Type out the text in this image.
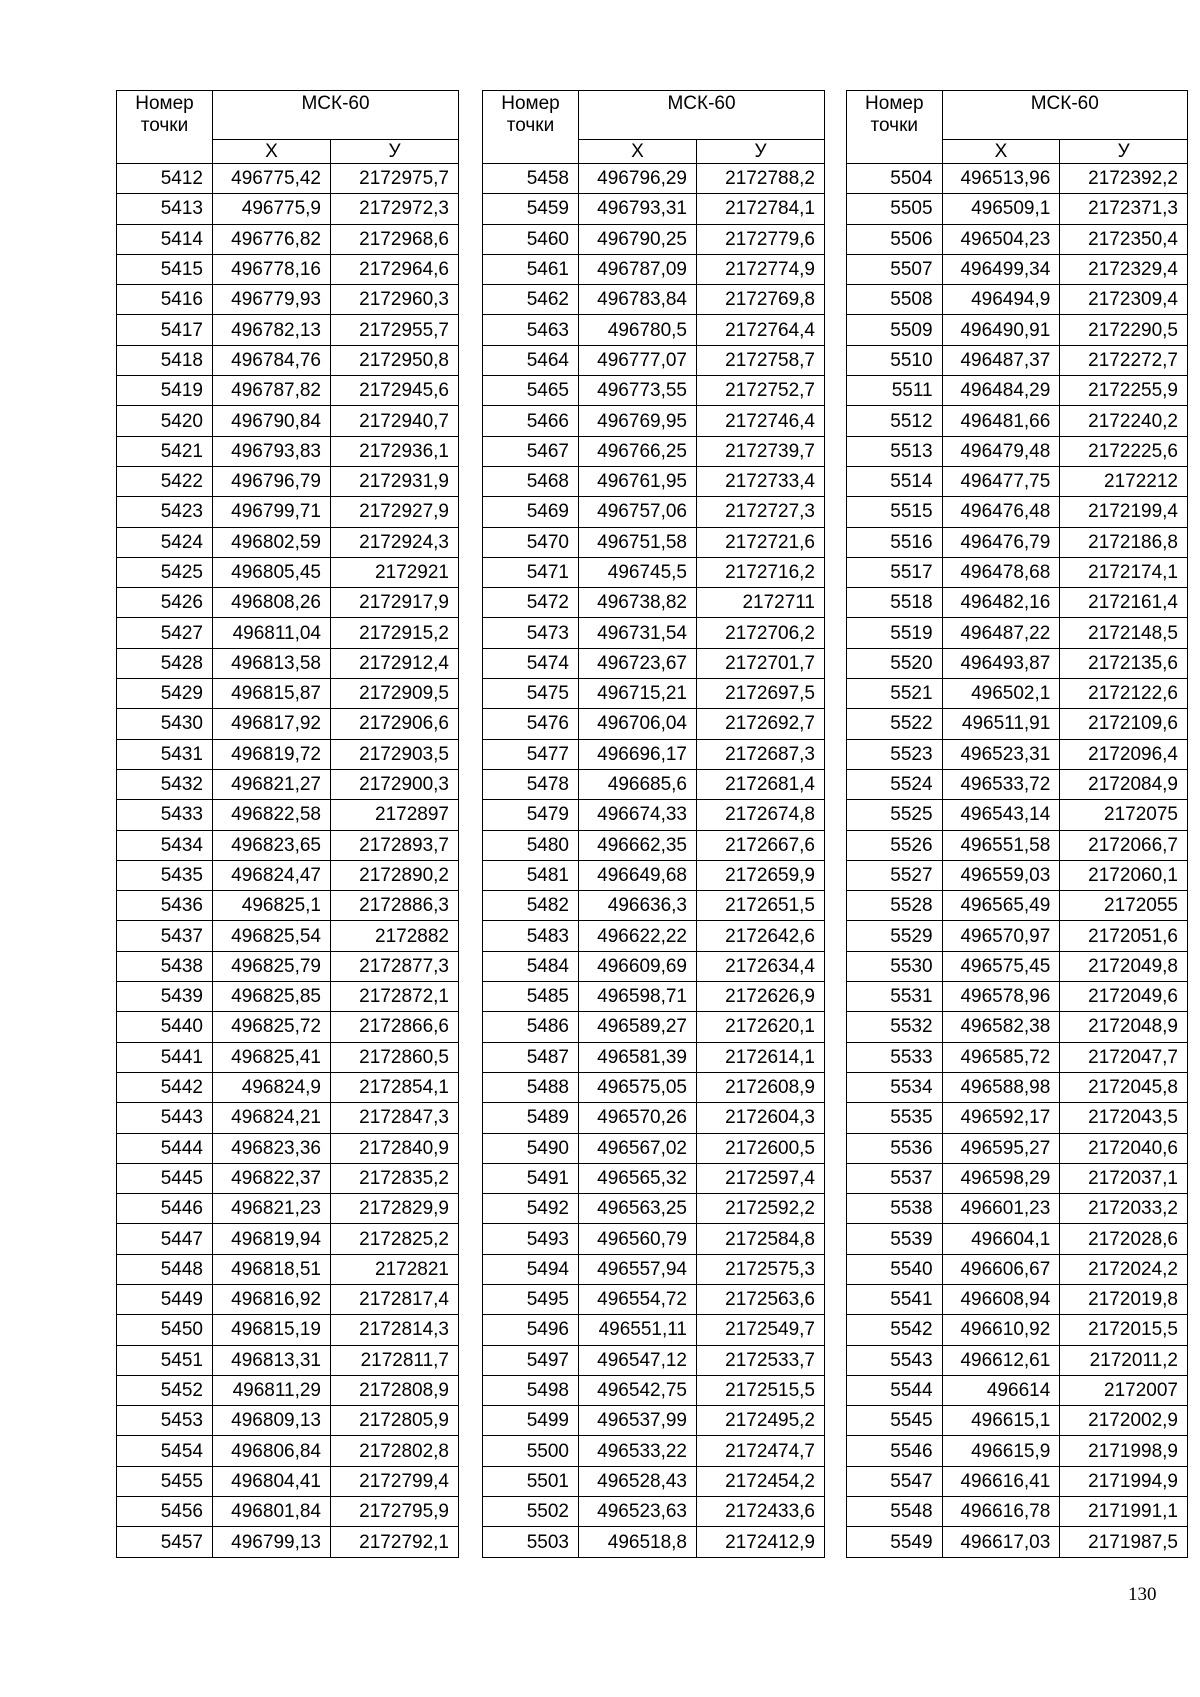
Номер
точки	МСК-60	
	X	У
5412	496775,42	2172975,7
5413	496775,9	2172972,3
5414	496776,82	2172968,6
5415	496778,16	2172964,6
5416	496779,93	2172960,3
5417	496782,13	2172955,7
5418	496784,76	2172950,8
5419	496787,82	2172945,6
5420	496790,84	2172940,7
5421	496793,83	2172936,1
5422	496796,79	2172931,9
5423	496799,71	2172927,9
5424	496802,59	2172924,3
5425	496805,45	2172921
5426	496808,26	2172917,9
5427	496811,04	2172915,2
5428	496813,58	2172912,4
5429	496815,87	2172909,5
5430	496817,92	2172906,6
5431	496819,72	2172903,5
5432	496821,27	2172900,3
5433	496822,58	2172897
5434	496823,65	2172893,7
5435	496824,47	2172890,2
5436	496825,1	2172886,3
5437	496825,54	2172882
5438	496825,79	2172877,3
5439	496825,85	2172872,1
5440	496825,72	2172866,6
5441	496825,41	2172860,5
5442	496824,9	2172854,1
5443	496824,21	2172847,3
5444	496823,36	2172840,9
5445	496822,37	2172835,2
5446	496821,23	2172829,9
5447	496819,94	2172825,2
5448	496818,51	2172821
5449	496816,92	2172817,4
5450	496815,19	2172814,3
5451	496813,31	2172811,7
5452	496811,29	2172808,9
5453	496809,13	2172805,9
5454	496806,84	2172802,8
5455	496804,41	2172799,4
5456	496801,84	2172795,9
5457	496799,13	2172792,1
Номер
точки	МСК-60	
	X	У
5458	496796,29	2172788,2
5459	496793,31	2172784,1
5460	496790,25	2172779,6
5461	496787,09	2172774,9
5462	496783,84	2172769,8
5463	496780,5	2172764,4
5464	496777,07	2172758,7
5465	496773,55	2172752,7
5466	496769,95	2172746,4
5467	496766,25	2172739,7
5468	496761,95	2172733,4
5469	496757,06	2172727,3
5470	496751,58	2172721,6
5471	496745,5	2172716,2
5472	496738,82	2172711
5473	496731,54	2172706,2
5474	496723,67	2172701,7
5475	496715,21	2172697,5
5476	496706,04	2172692,7
5477	496696,17	2172687,3
5478	496685,6	2172681,4
5479	496674,33	2172674,8
5480	496662,35	2172667,6
5481	496649,68	2172659,9
5482	496636,3	2172651,5
5483	496622,22	2172642,6
5484	496609,69	2172634,4
5485	496598,71	2172626,9
5486	496589,27	2172620,1
5487	496581,39	2172614,1
5488	496575,05	2172608,9
5489	496570,26	2172604,3
5490	496567,02	2172600,5
5491	496565,32	2172597,4
5492	496563,25	2172592,2
5493	496560,79	2172584,8
5494	496557,94	2172575,3
5495	496554,72	2172563,6
5496	496551,11	2172549,7
5497	496547,12	2172533,7
5498	496542,75	2172515,5
5499	496537,99	2172495,2
5500	496533,22	2172474,7
5501	496528,43	2172454,2
5502	496523,63	2172433,6
5503	496518,8	2172412,9
Номер
точки	МСК-60	
	X	У
5504	496513,96	2172392,2
5505	496509,1	2172371,3
5506	496504,23	2172350,4
5507	496499,34	2172329,4
5508	496494,9	2172309,4
5509	496490,91	2172290,5
5510	496487,37	2172272,7
5511	496484,29	2172255,9
5512	496481,66	2172240,2
5513	496479,48	2172225,6
5514	496477,75	2172212
5515	496476,48	2172199,4
5516	496476,79	2172186,8
5517	496478,68	2172174,1
5518	496482,16	2172161,4
5519	496487,22	2172148,5
5520	496493,87	2172135,6
5521	496502,1	2172122,6
5522	496511,91	2172109,6
5523	496523,31	2172096,4
5524	496533,72	2172084,9
5525	496543,14	2172075
5526	496551,58	2172066,7
5527	496559,03	2172060,1
5528	496565,49	2172055
5529	496570,97	2172051,6
5530	496575,45	2172049,8
5531	496578,96	2172049,6
5532	496582,38	2172048,9
5533	496585,72	2172047,7
5534	496588,98	2172045,8
5535	496592,17	2172043,5
5536	496595,27	2172040,6
5537	496598,29	2172037,1
5538	496601,23	2172033,2
5539	496604,1	2172028,6
5540	496606,67	2172024,2
5541	496608,94	2172019,8
5542	496610,92	2172015,5
5543	496612,61	2172011,2
5544	496614	2172007
5545	496615,1	2172002,9
5546	496615,9	2171998,9
5547	496616,41	2171994,9
5548	496616,78	2171991,1
5549	496617,03	2171987,5
130
